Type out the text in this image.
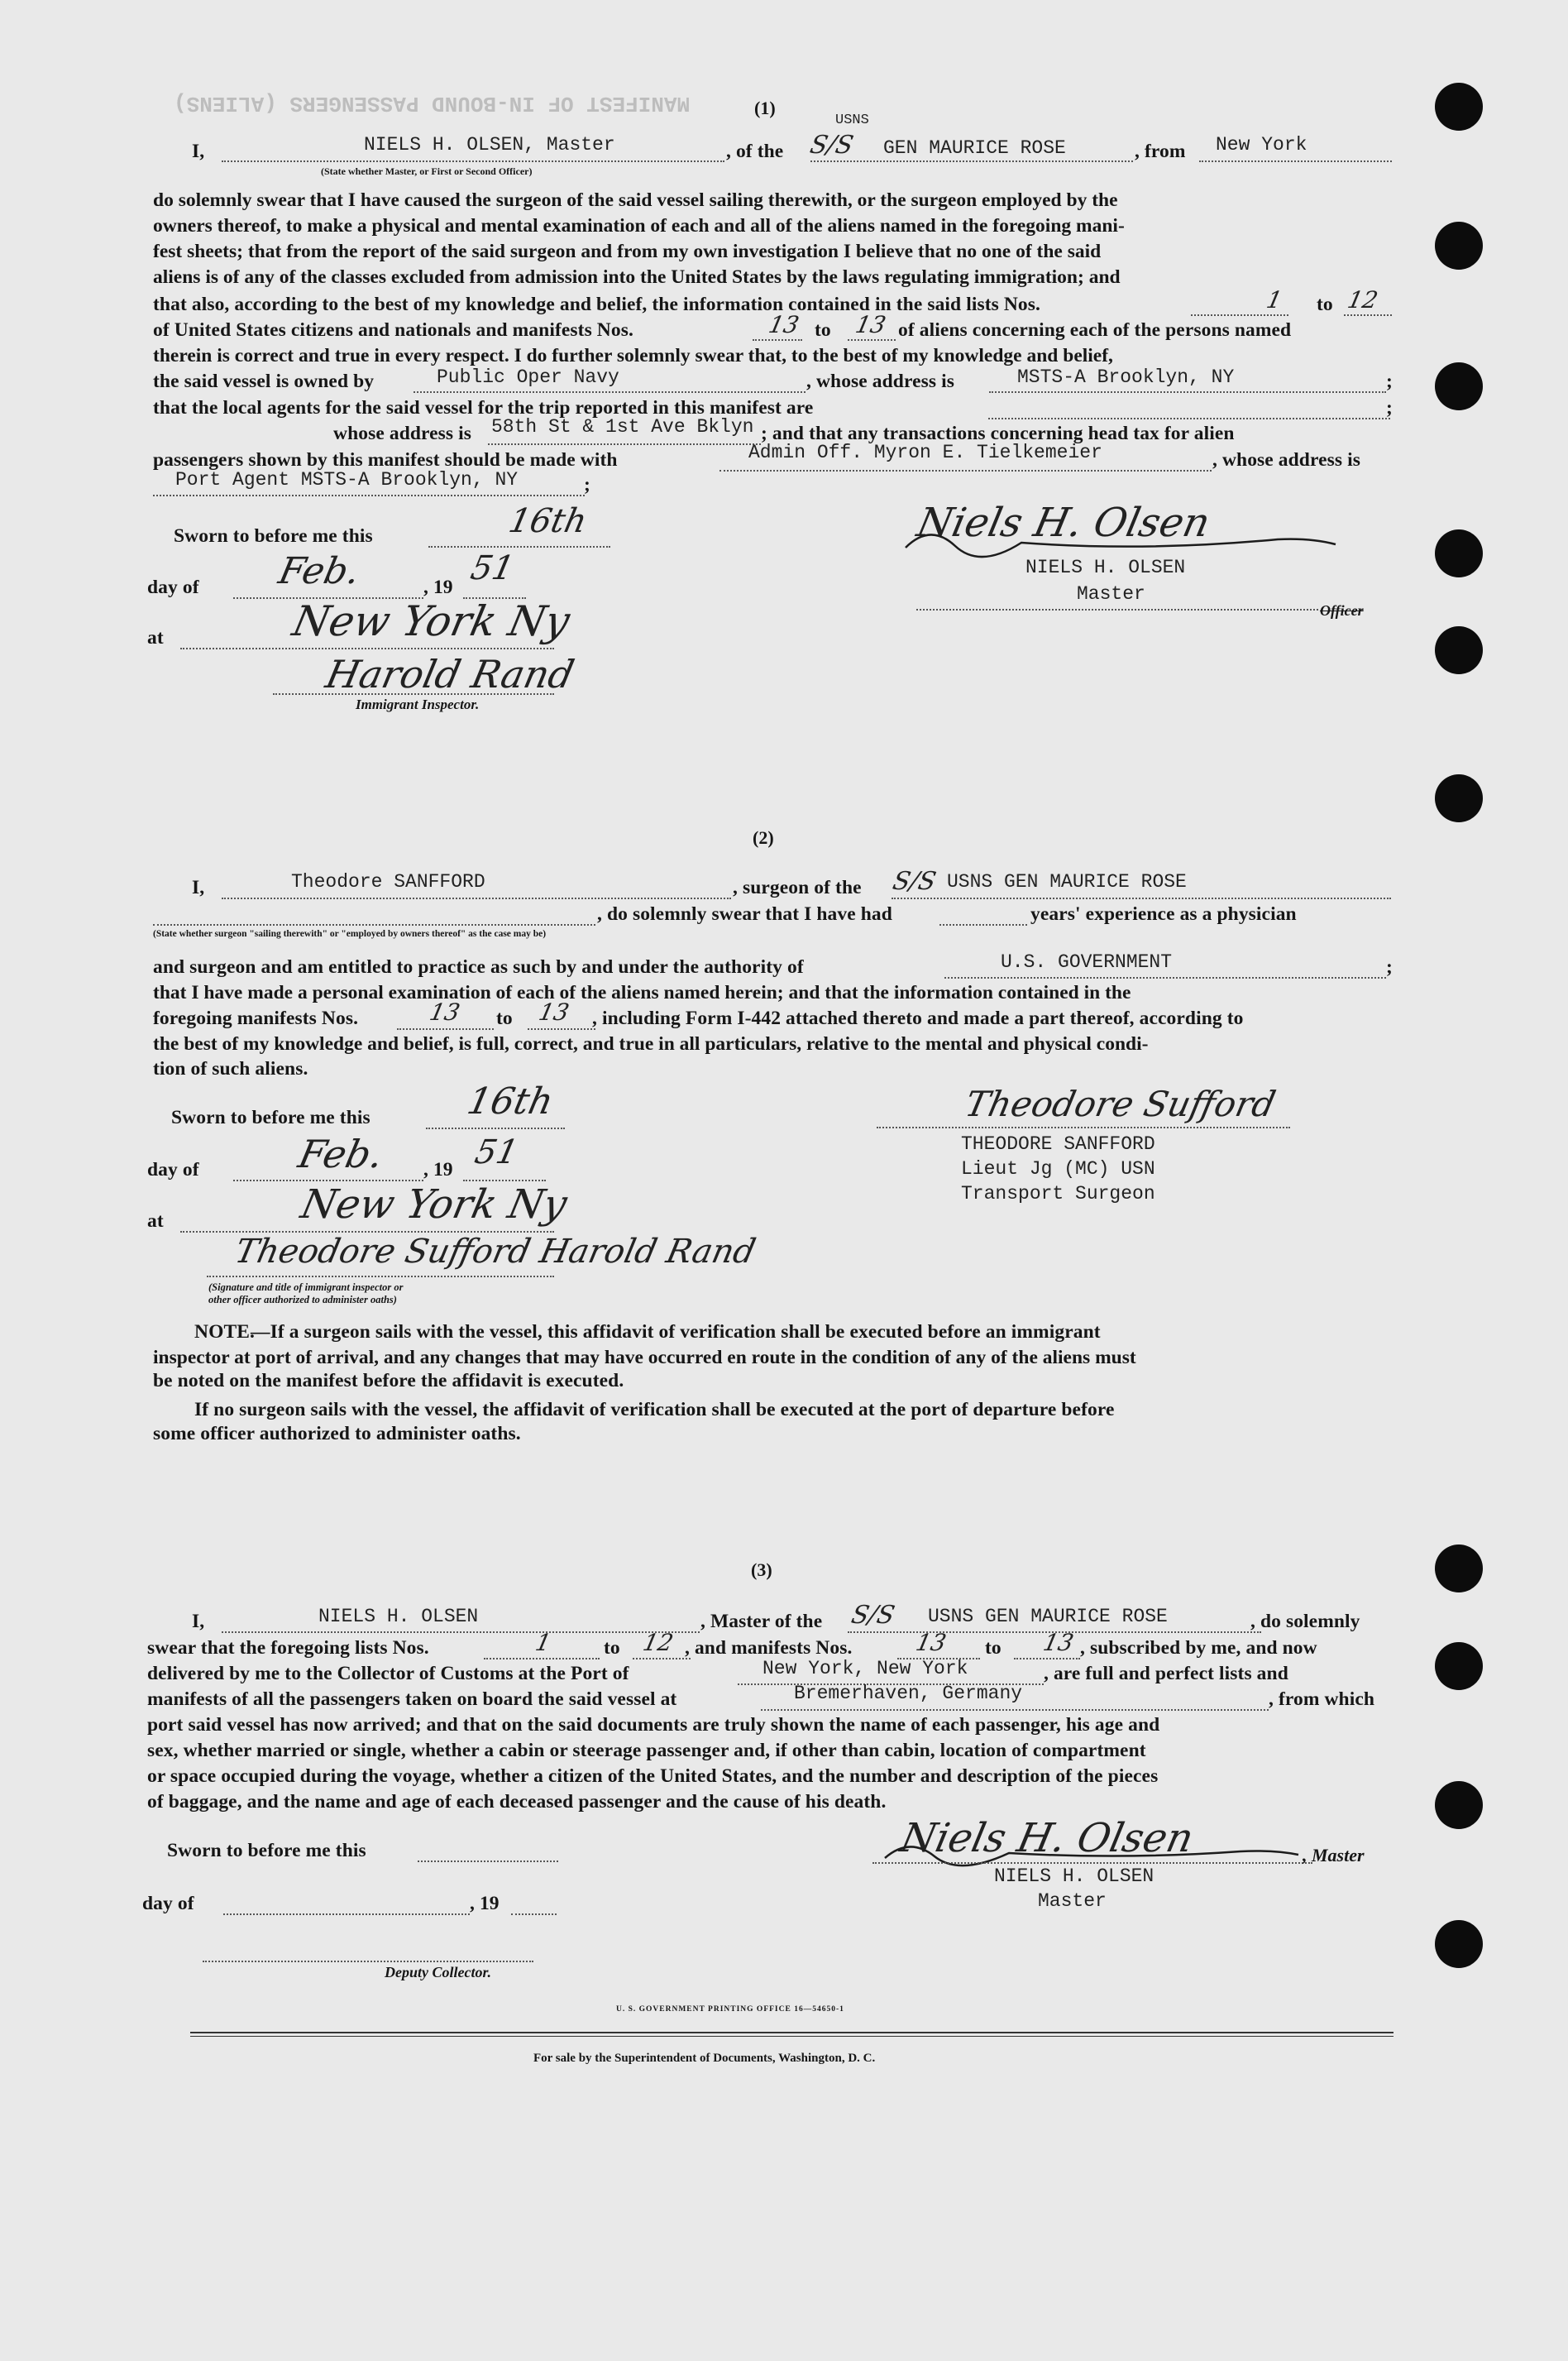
MANIFEST OF IN-BOUND PASSENGERS (ALIENS)	(1)
I,	NIELS H. OLSEN, Master
(State whether Master, or First or Second Officer)
, of the
USNS
S/S GEN MAURICE ROSE	, from New York
do solemnly swear that I have caused the surgeon of the said vessel sailing therewith, or the surgeon employed by the
owners thereof, to make a physical and mental examination of each and all of the aliens named in the foregoing mani-
fest sheets; that from the report of the said surgeon and from my own investigation I believe that no one of the said
aliens is of any of the classes excluded from admission into the United States by the laws regulating immigration; and
that also, according to the best of my knowledge and belief, the information contained in the said lists Nos.	1 to 12
of United States citizens and nationals and manifests Nos.	13 to 13 of aliens concerning each of the persons named
therein is correct and true in every respect. I do further solemnly swear that, to the best of my knowledge and belief,
the said vessel is owned by	Public Oper Navy	, whose address is	MSTS-A Brooklyn, NY	;
that the local agents for the said vessel for the trip reported in this manifest are	;
whose address is 58th St & 1st Ave Bklyn ; and that any transactions concerning head tax for alien
passengers shown by this manifest should be made with	Admin Off. Myron E. Tielkemeier	, whose address is
Port Agent MSTS-A Brooklyn, NY	;
Sworn to before me this	16th
day of Feb.	, 19 51
at	New York Ny
Harold Rand
Immigrant Inspector.
Niels H. Olsen
NIELS H. OLSEN
Master
Officer
(2)
I,	Theodore SANFFORD	, surgeon of the S/S USNS GEN MAURICE ROSE
, do solemnly swear that I have had	years' experience as a physician
(State whether surgeon "sailing therewith" or "employed by owners thereof" as the case may be)
and surgeon and am entitled to practice as such by and under the authority of	U.S. GOVERNMENT	;
that I have made a personal examination of each of the aliens named herein; and that the information contained in the
foregoing manifests Nos.	13 to 13 , including Form I-442 attached thereto and made a part thereof, according to
the best of my knowledge and belief, is full, correct, and true in all particulars, relative to the mental and physical condi-
tion of such aliens.
Sworn to before me this	16th
day of	Feb. , 19 51
at	New York Ny
Theodore Sufford Harold Rand
(Signature and title of immigrant inspector or
other officer authorized to administer oaths)
Theodore Sufford
THEODORE SANFFORD
Lieut Jg (MC) USN
Transport Surgeon
NOTE.
—If a surgeon sails with the vessel, this affidavit of verification shall be executed before an immigrant
inspector at port of arrival, and any changes that may have occurred en route in the condition of any of the aliens must
be noted on the manifest before the affidavit is executed.
If no surgeon sails with the vessel, the affidavit of verification shall be executed at the port of departure before
some officer authorized to administer oaths.
(3)
I,	NIELS H. OLSEN	, Master of the S/S USNS GEN MAURICE ROSE	, do solemnly
swear that the foregoing lists Nos.	1	to 12 , and manifests Nos.	13 to 13 , subscribed by me, and now
delivered by me to the Collector of Customs at the Port of	New York, New York	, are full and perfect lists and
manifests of all the passengers taken on board the said vessel at	Bremerhaven, Germany	, from which
port said vessel has now arrived; and that on the said documents are truly shown the name of each passenger, his age and
sex, whether married or single, whether a cabin or steerage passenger and, if other than cabin, location of compartment
or space occupied during the voyage, whether a citizen of the United States, and the number and description of the pieces
of baggage, and the name and age of each deceased passenger and the cause of his death.
Sworn to before me this
day of	, 19
Deputy Collector.
Niels H. Olsen	, Master
NIELS H. OLSEN
Master
U. S. GOVERNMENT PRINTING OFFICE 16—54650-1
For sale by the Superintendent of Documents, Washington, D. C.
